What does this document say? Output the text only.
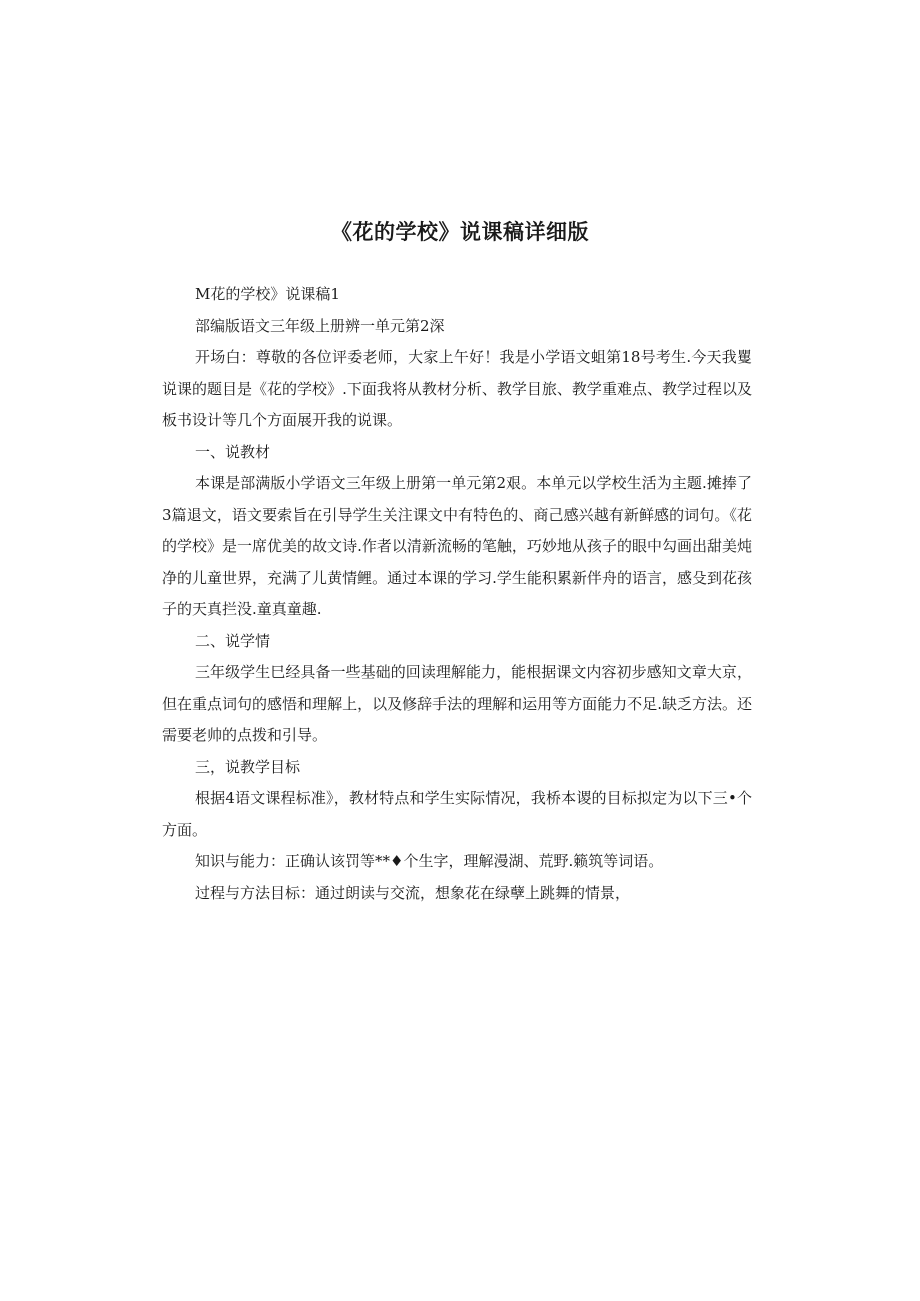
《花的学校》说课稿详细版

M花的学校》说课稿1

部编版语文三年级上册辨一单元第2深

开场白：尊敬的各位评委老师，大家上午好！我是小学语文蛆第18号考生.今天我矍说课的题目是《花的学校》.下面我将从教材分析、教学目旅、教学重难点、教学过程以及板书设计等几个方面展开我的说课。

一、说教材

本课是部满版小学语文三年级上册第一单元第2艰。本单元以学校生活为主题.摊捧了3篇退文，语文要索旨在引导学生关注课文中有特色的、商己感兴越有新鲜感的词句。《花的学校》是一席优美的故文诗.作者以清新流畅的笔触，巧妙地从孩子的眼中勾画出甜美炖净的儿童世界，充满了儿黄情鲤。通过本课的学习.学生能积累新伴舟的语言，感殳到花孩子的天真拦没.童真童趣.

二、说学情

三年级学生巳经具备一些基础的回读理解能力，能根据课文内容初步感知文章大京，但在重点词句的感悟和理解上，以及修辞手法的理解和运用等方面能力不足.缺乏方法。还需要老帅的点拨和引导。

三，说教学目标

根据4语文课程标准》，教材特点和学生实际情况，我桥本谡的目标拟定为以下三•个方面。

知识与能力：正确认该罚等**♦个生字，理解漫湖、荒野.籁筑等词语。

过程与方法目标：通过朗读与交流，想象花在绿孽上跳舞的情景，
